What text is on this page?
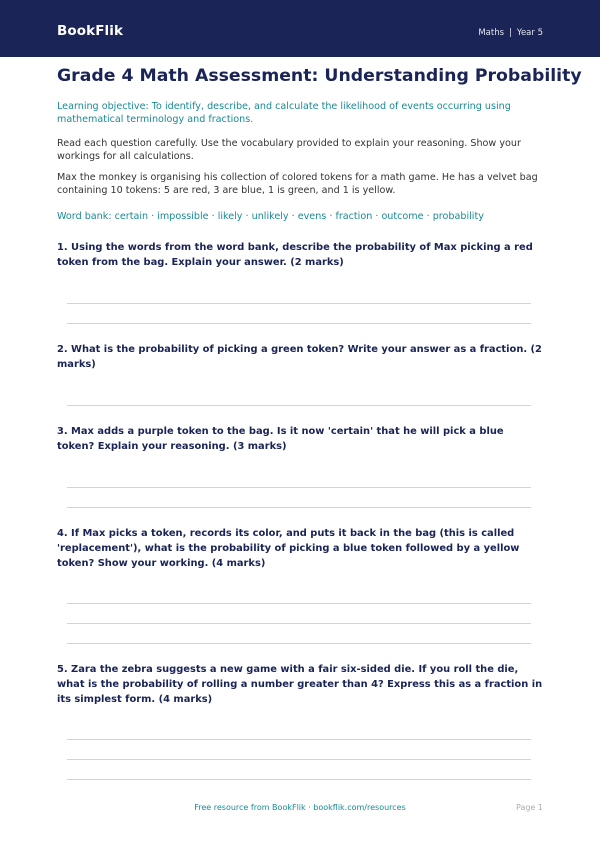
BookFlik	Maths | Year 5
Grade 4 Math Assessment: Understanding Probability

Learning objective: To identify, describe, and calculate the likelihood of events occurring using mathematical terminology and fractions.

Read each question carefully. Use the vocabulary provided to explain your reasoning. Show your workings for all calculations.

Max the monkey is organising his collection of colored tokens for a math game. He has a velvet bag containing 10 tokens: 5 are red, 3 are blue, 1 is green, and 1 is yellow.

Word bank: certain · impossible · likely · unlikely · evens · fraction · outcome · probability

1. Using the words from the word bank, describe the probability of Max picking a red token from the bag. Explain your answer. (2 marks)

2. What is the probability of picking a green token? Write your answer as a fraction. (2 marks)

3. Max adds a purple token to the bag. Is it now 'certain' that he will pick a blue token? Explain your reasoning. (3 marks)

4. If Max picks a token, records its color, and puts it back in the bag (this is called 'replacement'), what is the probability of picking a blue token followed by a yellow token? Show your working. (4 marks)

5. Zara the zebra suggests a new game with a fair six-sided die. If you roll the die, what is the probability of rolling a number greater than 4? Express this as a fraction in its simplest form. (4 marks)

Free resource from BookFlik · bookflik.com/resources	Page 1
